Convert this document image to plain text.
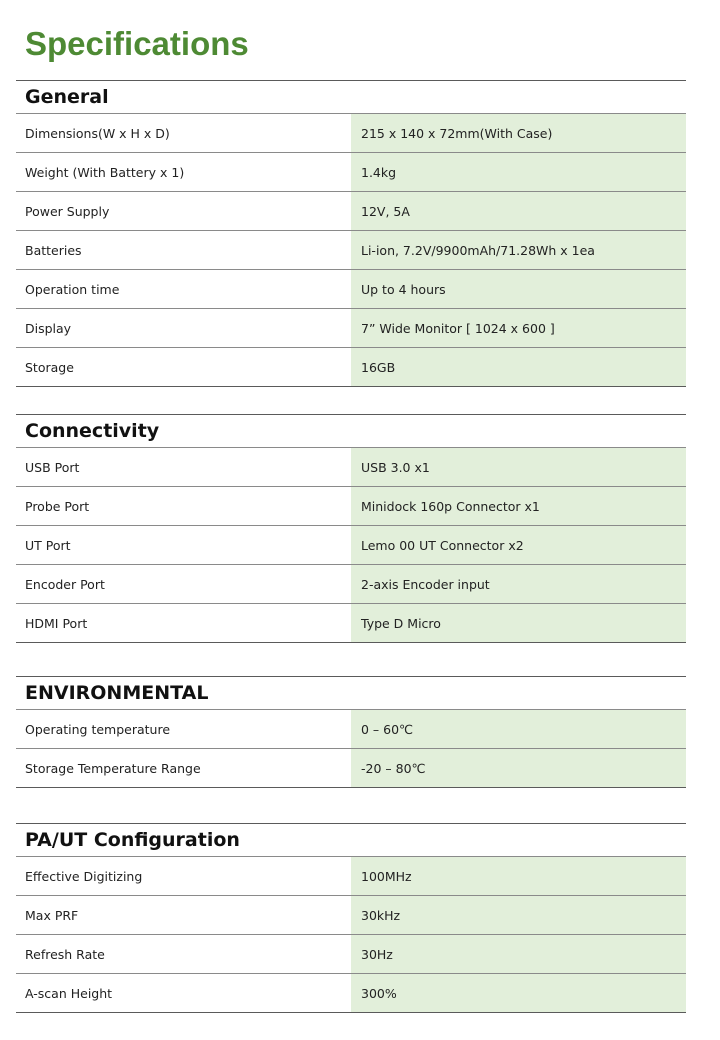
Specifications
General
Dimensions(W x H x D)	215 x 140 x 72mm(With Case)
Weight (With Battery x 1)	1.4kg
Power Supply	12V, 5A
Batteries	Li-ion, 7.2V/9900mAh/71.28Wh x 1ea
Operation time	Up to 4 hours
Display	7” Wide Monitor [ 1024 x 600 ]
Storage	16GB
Connectivity
USB Port	USB 3.0 x1
Probe Port	Minidock 160p Connector x1
UT Port	Lemo 00 UT Connector x2
Encoder Port	2-axis Encoder input
HDMI Port	Type D Micro
ENVIRONMENTAL
Operating temperature	0 – 60℃
Storage Temperature Range	-20 – 80℃
PA/UT Configuration
Effective Digitizing	100MHz
Max PRF	30kHz
Refresh Rate	30Hz
A-scan Height	300%
